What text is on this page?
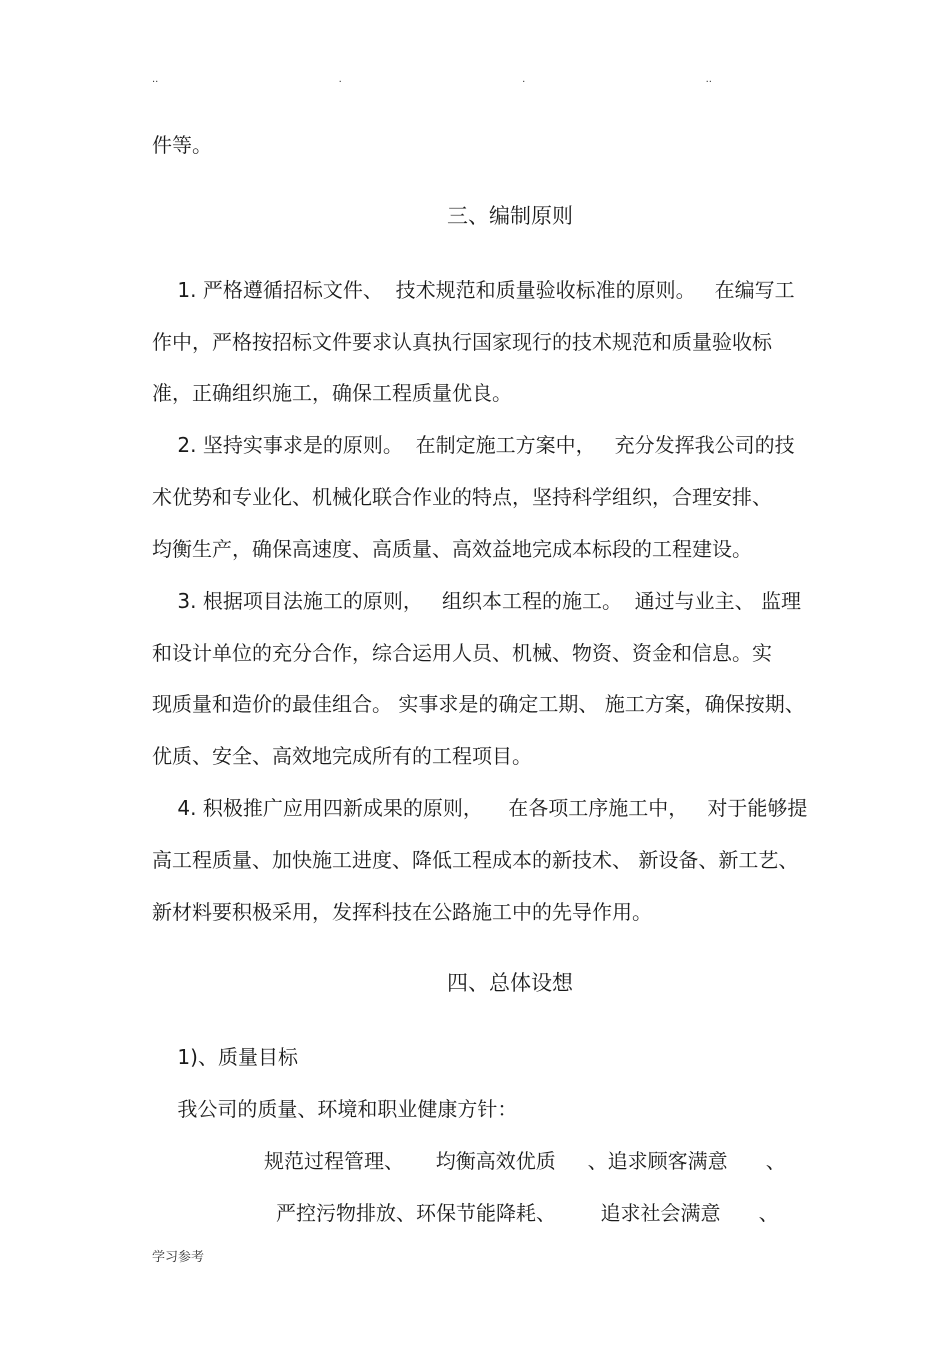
..	.	.	..
件等。
三、编制原则
1. 严格遵循招标文件、  技术规范和质量验收标准的原则。   在编写工
作中，严格按招标文件要求认真执行国家现行的技术规范和质量验收标
准，正确组织施工，确保工程质量优良。
2. 坚持实事求是的原则。  在制定施工方案中，   充分发挥我公司的技
术优势和专业化、机械化联合作业的特点，坚持科学组织，合理安排、
均衡生产，确保高速度、高质量、高效益地完成本标段的工程建设。
3. 根据项目法施工的原则，   组织本工程的施工。  通过与业主、 监理
和设计单位的充分合作，综合运用人员、机械、物资、资金和信息。实
现质量和造价的最佳组合。 实事求是的确定工期、 施工方案，确保按期、
优质、安全、高效地完成所有的工程项目。
4. 积极推广应用四新成果的原则，    在各项工序施工中，   对于能够提
高工程质量、加快施工进度、降低工程成本的新技术、 新设备、新工艺、
新材料要积极采用，发挥科技在公路施工中的先导作用。
四、总体设想
1)、质量目标
我公司的质量、环境和职业健康方针：
规范过程管理、     均衡高效优质     、追求顾客满意      、
严控污物排放、环保节能降耗、       追求社会满意      、
学习参考
